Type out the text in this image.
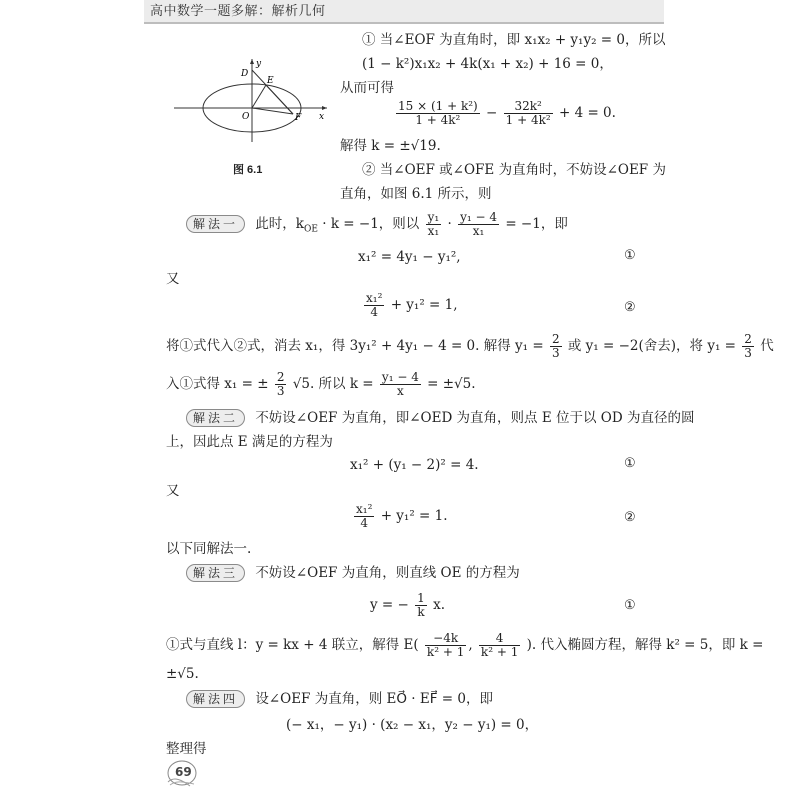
高中数学一题多解：解析几何
y
x
D
E
O	F
图 6.1
① 当∠EOF 为直角时，即 x₁x₂ + y₁y₂ = 0，所以
(1 − k²)x₁x₂ + 4k(x₁ + x₂) + 16 = 0，
从而可得
$\frac{\text{15 × (1 + k²)}}{\text{1 + 4k²}} - \frac{\text{32k²}}{\text{1 + 4k²}} + 4 = 0$.
解得 k = ±√19.
② 当∠OEF 或∠OFE 为直角时，不妨设∠OEF 为
直角，如图 6.1 所示，则
解法一 此时，$k_{OE} \cdot k = -1$，则以 $\frac{\text{y₁}}{\text{x₁}} \cdot \frac{\text{y₁ − 4}}{\text{x₁}} = -1$，即
x₁² = 4y₁ − y₁²,	①
又
$\frac{\text{x₁²}}{4} + y_1^2 = 1$,	②
将①式代入②式，消去 x₁，得 3y₁² + 4y₁ − 4 = 0. 解得 $y_1 = \frac{2}{3}$ 或 y₁ = −2(舍去)，将 $y_1 = \frac{2}{3}$ 代
入①式得 x₁ = ± $\frac{2}{3} √5$. 所以 $k = \frac{\text{y₁ − 4}}{x} = \pm√5$.
解法二 不妨设∠OEF 为直角，即∠OED 为直角，则点 E 位于以 OD 为直径的圆
上，因此点 E 满足的方程为
x₁² + (y₁ − 2)² = 4.	①
又
$\frac{\text{x₁²}}{4} + y_1^2 = 1$.	②
以下同解法一.
解法三 不妨设∠OEF 为直角，则直线 OE 的方程为
y = − $\frac{1}{k} x$.	①
①式与直线 l：y = kx + 4 联立，解得 $E( \frac{-4k}{\text{k² + 1}}$ , $\frac{4}{\text{k² + 1}}$ ). 代入椭圆方程，解得 k² = 5，即 k =
±√5.
解法四 设∠OEF 为直角，则 EO⃗ · EF⃗ = 0，即
(− x₁，− y₁) · (x₂ − x₁，y₂ − y₁) = 0，
整理得
69
